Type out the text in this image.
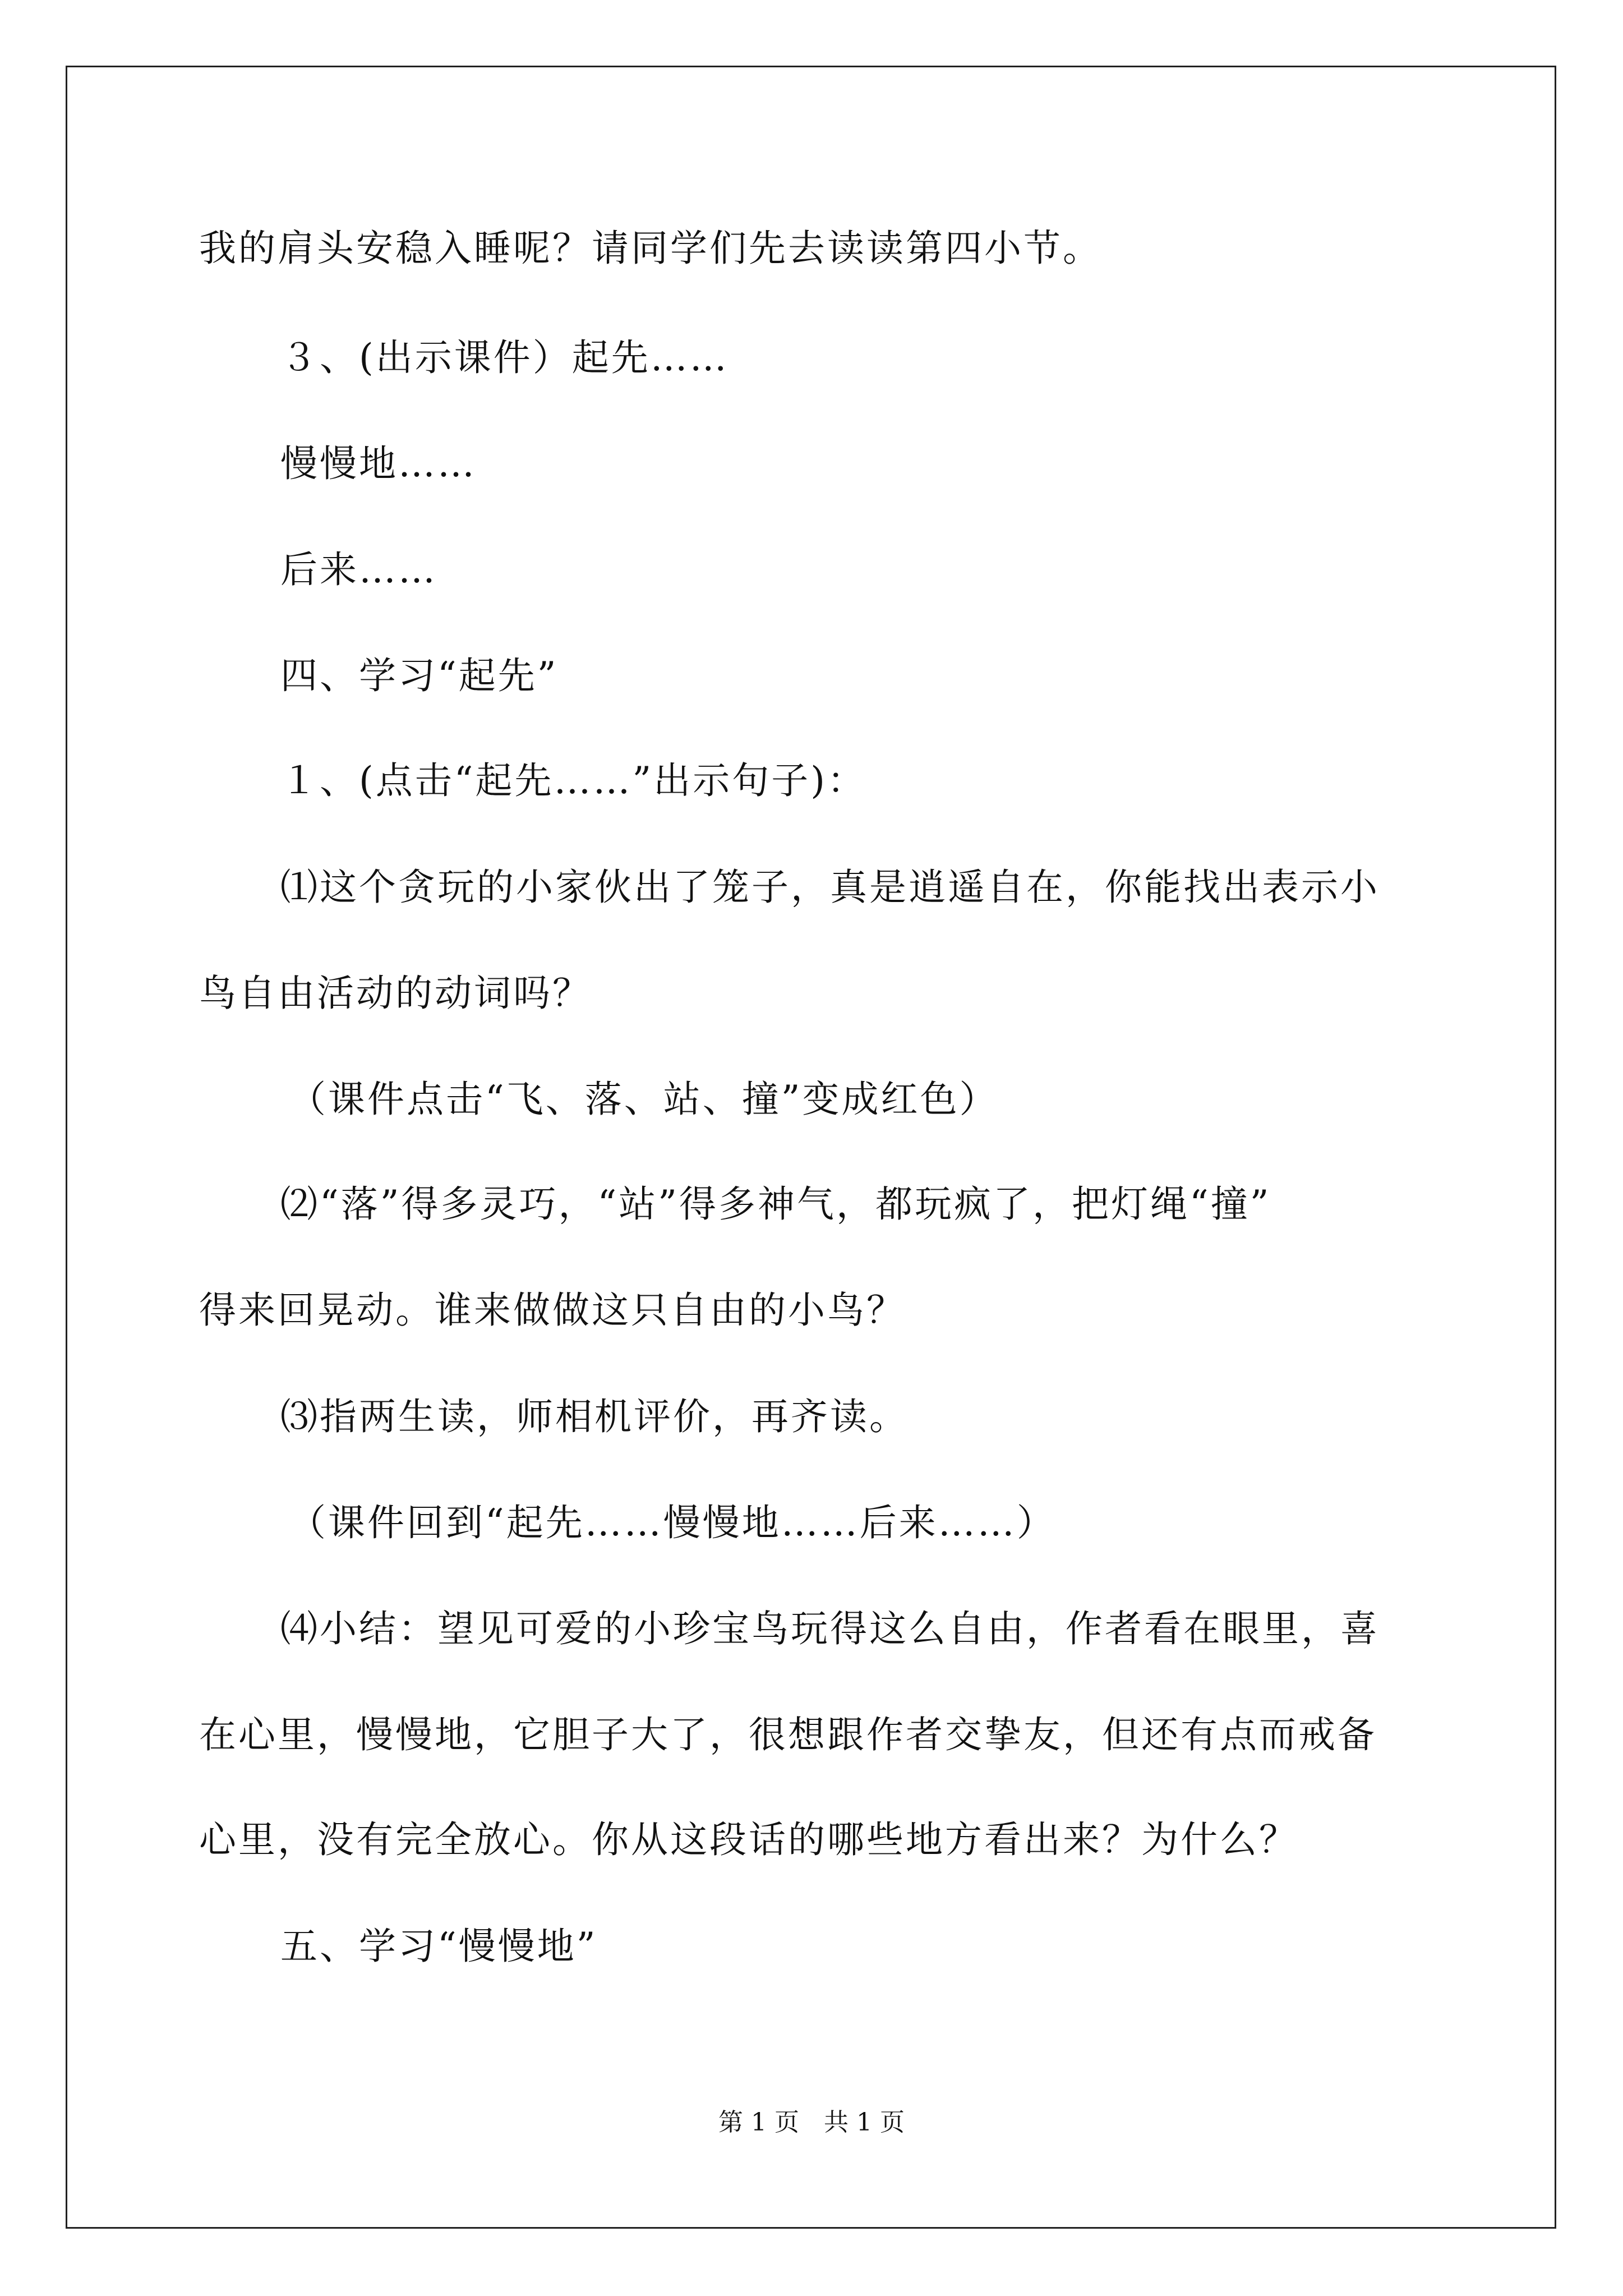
我的肩头安稳入睡呢？请同学们先去读读第四小节。
３、(出示课件）起先……
慢慢地……
后来……
四、学习“起先”
１、(点击“起先……”出示句子)：
⑴这个贪玩的小家伙出了笼子，真是逍遥自在，你能找出表示小
鸟自由活动的动词吗？
（课件点击“飞、落、站、撞”变成红色）
⑵“落”得多灵巧，“站”得多神气，都玩疯了，把灯绳“撞”
得来回晃动。谁来做做这只自由的小鸟？
⑶指两生读，师相机评价，再齐读。
（课件回到“起先……慢慢地……后来……）
⑷小结：望见可爱的小珍宝鸟玩得这么自由，作者看在眼里，喜
在心里，慢慢地，它胆子大了，很想跟作者交挚友，但还有点而戒备
心里，没有完全放心。你从这段话的哪些地方看出来？为什么？
五、学习“慢慢地”
第 1 页　共 1 页
